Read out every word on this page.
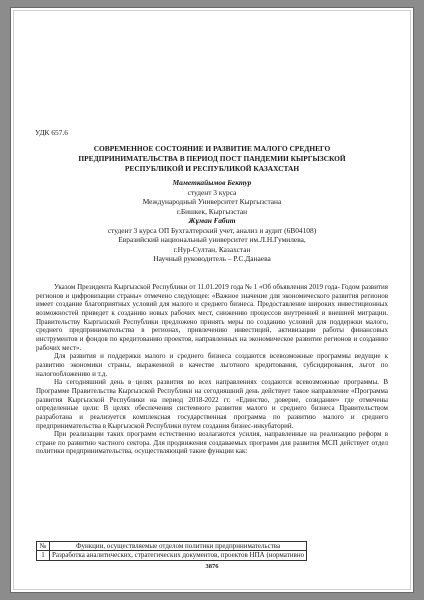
УДК 657.6
СОВРЕМЕННОЕ СОСТОЯНИЕ И РАЗВИТИЕ МАЛОГО СРЕДНЕГО
ПРЕДПРИНИМАТЕЛЬСТВА В ПЕРИОД ПОСТ ПАНДЕМИИ КЫРГЫЗСКОЙ
РЕСПУБЛИКОЙ И РЕСПУБЛИКОЙ КАЗАХСТАН
Маметкайымов Бектур
студент 3 курса
Международный Университет Кыргызстана
г.Бишкек, Кыргызстан
Жұман Ғабит
студент 3 курса ОП Бухгалтерский учет, анализ и аудит (6В04108)
Евразийский национальный университет им.Л.Н.Гумилева,
г.Нур-Султан, Казахстан
Научный руководитель – Р.С.Данаева

Указом Президента Кыргызской Республики от 11.01.2019 года № 1 «Об объявления 2019 года- Годом развития регионов и цифровизации страны» отмечено следующее: «Важное значение для экономического развития регионов имеет создание благоприятных условий для малого и среднего бизнеса. Предоставление широких инвестиционных возможностей приведет к созданию новых рабочих мест, снижению процессов внутренней и внешней миграции. Правительству Кыргызской Республики предложено принять меры по созданию условий для поддержки малого, среднего предпринимательства в регионах, привлечению инвестиций, активизации работы финансовых инструментов и фондов по кредитованию проектов, направленных на экономическое развитие регионов и созданию рабочих мест».

Для развития и поддержки малого и среднего бизнеса создаются всевозможные программы ведущие к развитию экономики страны, выраженной в качестве льготного кредитования, субсидирования, льгот по налогообложению и т.д.

На сегодняшний день в целях развития во всех направлениях создаются всевозможные программы. В Программе Правительства Кыргызской Республики на сегодняшний день действует такое направление «Программа развития Кыргызской Республики на период 2018-2022 гг. «Единство, доверие, созидание» где отмечены определенные цели: В целях обеспечения системного развития малого и среднего бизнеса Правительством разработана и реализуется комплексная государственная программа по развитию малого и среднего предпринимательства в Кыргызской Республики путем создания бизнес-инкубаторий.

При реализации таких программ естественно возлагаются усилия, направленные на реализацию реформ в стране по развитию частного сектора. Для продвижения создаваемых программ для развития МСП действует отдел политики предпринимательства, осуществляющий такие функции как:

№	Функции, осуществляемые отделом политики предпринимательства
1	Разработка аналитических, стратегических документов, проектов НПА (нормативно
3876
